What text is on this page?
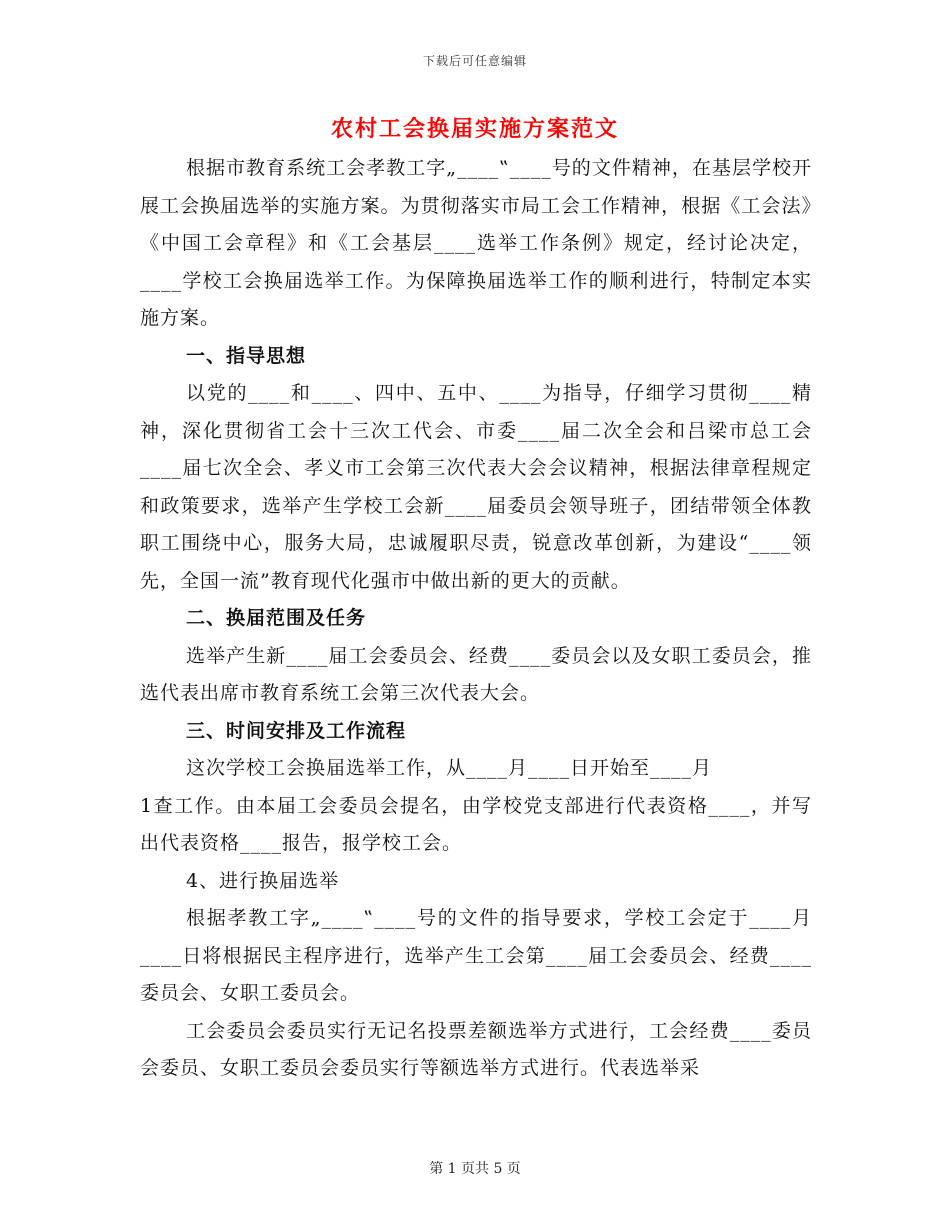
下载后可任意编辑
农村工会换届实施方案范文

根据市教育系统工会孝教工字„____‟____号的文件精神，在基层学校开展工会换届选举的实施方案。为贯彻落实市局工会工作精神，根据《工会法》《中国工会章程》和《工会基层____选举工作条例》规定，经讨论决定，____学校工会换届选举工作。为保障换届选举工作的顺利进行，特制定本实施方案。

一、指导思想

以党的____和____、四中、五中、____为指导，仔细学习贯彻____精神，深化贯彻省工会十三次工代会、市委____届二次全会和吕梁市总工会____届七次全会、孝义市工会第三次代表大会会议精神，根据法律章程规定和政策要求，选举产生学校工会新____届委员会领导班子，团结带领全体教职工围绕中心，服务大局，忠诚履职尽责，锐意改革创新，为建设“____领先，全国一流”教育现代化强市中做出新的更大的贡献。

二、换届范围及任务

选举产生新____届工会委员会、经费____委员会以及女职工委员会，推选代表出席市教育系统工会第三次代表大会。

三、时间安排及工作流程

这次学校工会换届选举工作，从____月____日开始至____月

1查工作。由本届工会委员会提名，由学校党支部进行代表资格____，并写出代表资格____报告，报学校工会。

4、进行换届选举

根据孝教工字„____‟____号的文件的指导要求，学校工会定于____月____日将根据民主程序进行，选举产生工会第____届工会委员会、经费____委员会、女职工委员会。

工会委员会委员实行无记名投票差额选举方式进行，工会经费____委员会委员、女职工委员会委员实行等额选举方式进行。代表选举采

第 1 页共 5 页
